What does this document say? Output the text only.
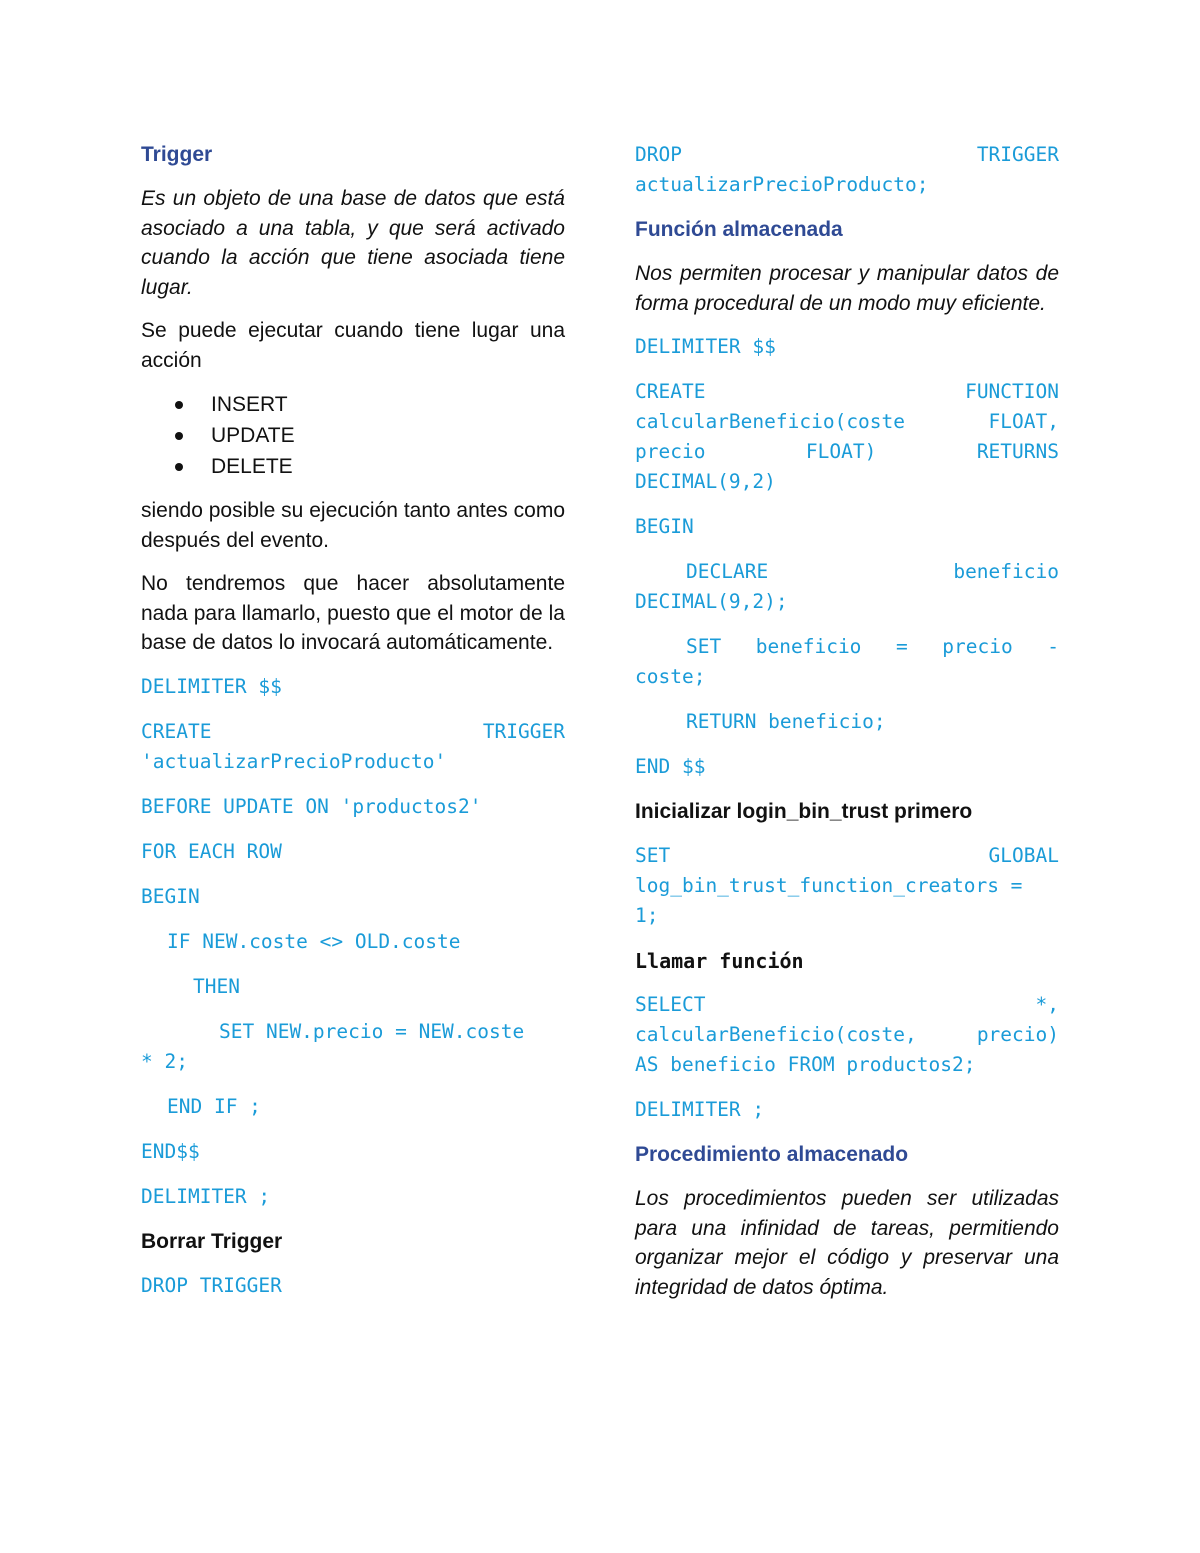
Trigger
Es un objeto de una base de datos que está asociado a una tabla, y que será activado cuando la acción que tiene asociada tiene lugar.
Se puede ejecutar cuando tiene lugar una acción
INSERT
UPDATE
DELETE
siendo posible su ejecución tanto antes como después del evento.
No tendremos que hacer absolutamente nada para llamarlo, puesto que el motor de la base de datos lo invocará automáticamente.
DELIMITER $$
CREATE	TRIGGER
'actualizarPrecioProducto'
BEFORE UPDATE ON 'productos2'
FOR EACH ROW
BEGIN
IF NEW.coste <> OLD.coste
THEN
SET NEW.precio = NEW.coste
* 2;
END IF ;
END$$
DELIMITER ;
Borrar Trigger
DROP TRIGGER
DROP	TRIGGER
actualizarPrecioProducto;
Función almacenada
Nos permiten procesar y manipular datos de forma procedural de un modo muy eficiente.
DELIMITER $$
CREATE	FUNCTION
calcularBeneficio(coste	FLOAT,
precio	FLOAT)	RETURNS
DECIMAL(9,2)
BEGIN
DECLARE	beneficio
DECIMAL(9,2);
SET beneficio = precio -
coste;
RETURN beneficio;
END $$
Inicializar login_bin_trust primero
SET	GLOBAL
log_bin_trust_function_creators =
1;
Llamar función
SELECT	*,
calcularBeneficio(coste,	precio)
AS beneficio FROM productos2;
DELIMITER ;
Procedimiento almacenado
Los procedimientos pueden ser utilizadas para una infinidad de tareas, permitiendo organizar mejor el código y preservar una integridad de datos óptima.
